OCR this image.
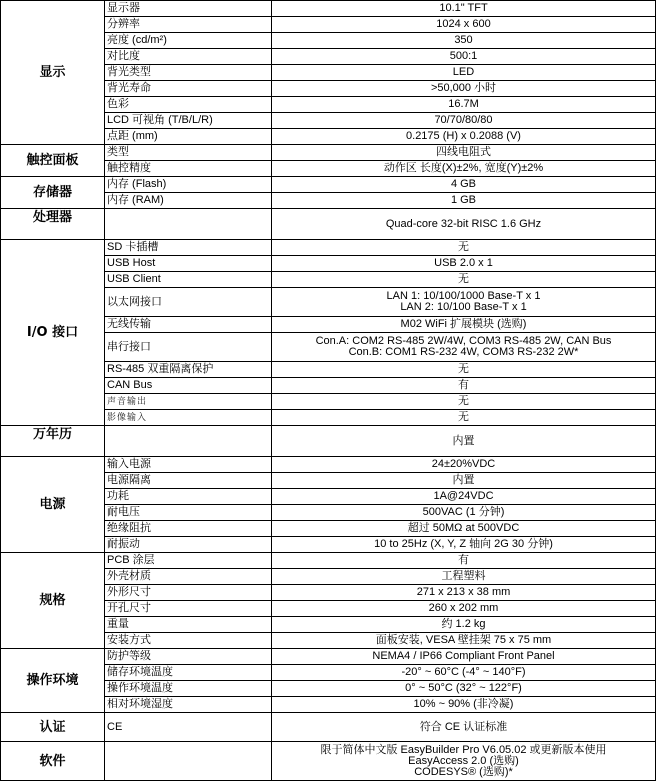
显示	显示器	10.1" TFT
	分辨率	1024 x 600
	亮度 (cd/m²)	350
	对比度	500:1
	背光类型	LED
	背光寿命	>50,000 小时
	色彩	16.7M
	LCD 可视角 (T/B/L/R)	70/70/80/80
	点距 (mm)	0.2175 (H) x 0.2088 (V)
触控面板	类型	四线电阻式
	触控精度	动作区 长度(X)±2%, 宽度(Y)±2%
存储器	内存 (Flash)	4 GB
	内存 (RAM)	1 GB
处理器		Quad-core 32-bit RISC 1.6 GHz
I/O 接口	SD 卡插槽	无
	USB Host	USB 2.0 x 1
	USB Client	无
	以太网接口	LAN 1: 10/100/1000 Base-T x 1
LAN 2: 10/100 Base-T x 1

	无线传输	M02 WiFi 扩展模块 (选购)
	串行接口	Con.A: COM2 RS-485 2W/4W, COM3 RS-485 2W, CAN Bus
Con.B: COM1 RS-232 4W, COM3 RS-232 2W*

	RS-485 双重隔离保护	无
	CAN Bus	有
	声音输出	无
	影像输入	无
万年历		内置
电源	输入电源	24±20%VDC
	电源隔离	内置
	功耗	1A@24VDC
	耐电压	500VAC (1 分钟)
	绝缘阻抗	超过 50MΩ at 500VDC
	耐振动	10 to 25Hz (X, Y, Z 轴向 2G 30 分钟)
规格	PCB 涂层	有
	外壳材质	工程塑料
	外形尺寸	271 x 213 x 38 mm
	开孔尺寸	260 x 202 mm
	重量	约 1.2 kg
	安装方式	面板安装, VESA 壁挂架 75 x 75 mm
操作环境	防护等级	NEMA4 / IP66 Compliant Front Panel
	储存环境温度	-20° ~ 60°C (-4° ~ 140°F)
	操作环境温度	0° ~ 50°C (32° ~ 122°F)
	相对环境湿度	10% ~ 90% (非冷凝)
认证	CE	符合 CE 认证标准
软件		限于简体中文版 EasyBuilder Pro V6.05.02 或更新版本使用
EasyAccess 2.0 (选购)
CODESYS® (选购)*
